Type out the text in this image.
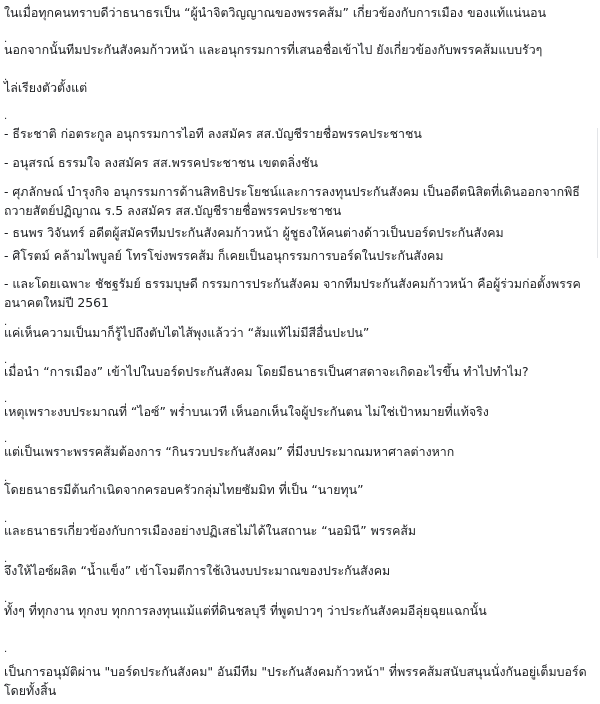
ในเมื่อทุกคนทราบดีว่าธนาธรเป็น “ผู้นำจิตวิญญาณของพรรคส้ม” เกี่ยวข้องกับการเมือง ของแท้แน่นอน
.
นอกจากนั้นทีมประกันสังคมก้าวหน้า และอนุกรรมการที่เสนอชื่อเข้าไป ยังเกี่ยวข้องกับพรรคส้มแบบรัวๆ
.
ไล่เรียงตัวตั้งแต่
.
- ธีระชาติ ก่อตระกูล อนุกรรมการไอที ลงสมัคร สส.บัญชีรายชื่อพรรคประชาชน
- อนุสรณ์ ธรรมใจ ลงสมัคร สส.พรรคประชาชน เขตตลิ่งชัน
- ศุภลักษณ์ บำรุงกิจ อนุกรรมการด้านสิทธิประโยชน์และการลงทุนประกันสังคม เป็นอดีตนิสิตที่เดินออกจากพิธีถวายสัตย์ปฏิญาณ ร.5 ลงสมัคร สส.บัญชีรายชื่อพรรคประชาชน
- ธนพร วิจันทร์ อดีตผู้สมัครทีมประกันสังคมก้าวหน้า ผู้ชูธงให้คนต่างด้าวเป็นบอร์ดประกันสังคม
- ศิโรตม์ คล้ามไพบูลย์ โทรโข่งพรรคส้ม ก็เคยเป็นอนุกรรมการบอร์ดในประกันสังคม
- และโดยเฉพาะ ชัชฐรัมย์ ธรรมบุษดี กรรมการประกันสังคม จากทีมประกันสังคมก้าวหน้า คือผู้ร่วมก่อตั้งพรรคอนาคตใหม่ปี 2561
.
แค่เห็นความเป็นมาก็รู้ไปถึงตับไตไส้พุงแล้วว่า “ส้มแท้ไม่มีสีอื่นปะปน”
.
เมื่อนำ “การเมือง” เข้าไปในบอร์ดประกันสังคม โดยมีธนาธรเป็นศาสดาจะเกิดอะไรขึ้น ทำไปทำไม?
.
เหตุเพราะงบประมาณที่ “ไอซ์” พร่ำบนเวที เห็นอกเห็นใจผู้ประกันตน ไม่ใช่เป้าหมายที่แท้จริง
.
แต่เป็นเพราะพรรคส้มต้องการ “กินรวบประกันสังคม” ที่มีงบประมาณมหาศาลต่างหาก
.
โดยธนาธรมีต้นกำเนิดจากครอบครัวกลุ่มไทยซัมมิท ที่เป็น “นายทุน”
.
และธนาธรเกี่ยวข้องกับการเมืองอย่างปฏิเสธไม่ได้ในสถานะ “นอมินี” พรรคส้ม
.
จึงให้ไอซ์ผลิต “น้ำแข็ง” เข้าโจมตีการใช้เงินงบประมาณของประกันสังคม
.
ทั้งๆ ที่ทุกงาน ทุกงบ ทุกการลงทุนแม้แต่ที่ดินชลบุรี ที่พูดปาวๆ ว่าประกันสังคมอีลุ่ยฉุยแฉกนั้น
.
เป็นการอนุมัติผ่าน "บอร์ดประกันสังคม" อันมีทีม "ประกันสังคมก้าวหน้า" ที่พรรคส้มสนับสนุนนั่งกันอยู่เต็มบอร์ดโดยทั้งสิ้น
